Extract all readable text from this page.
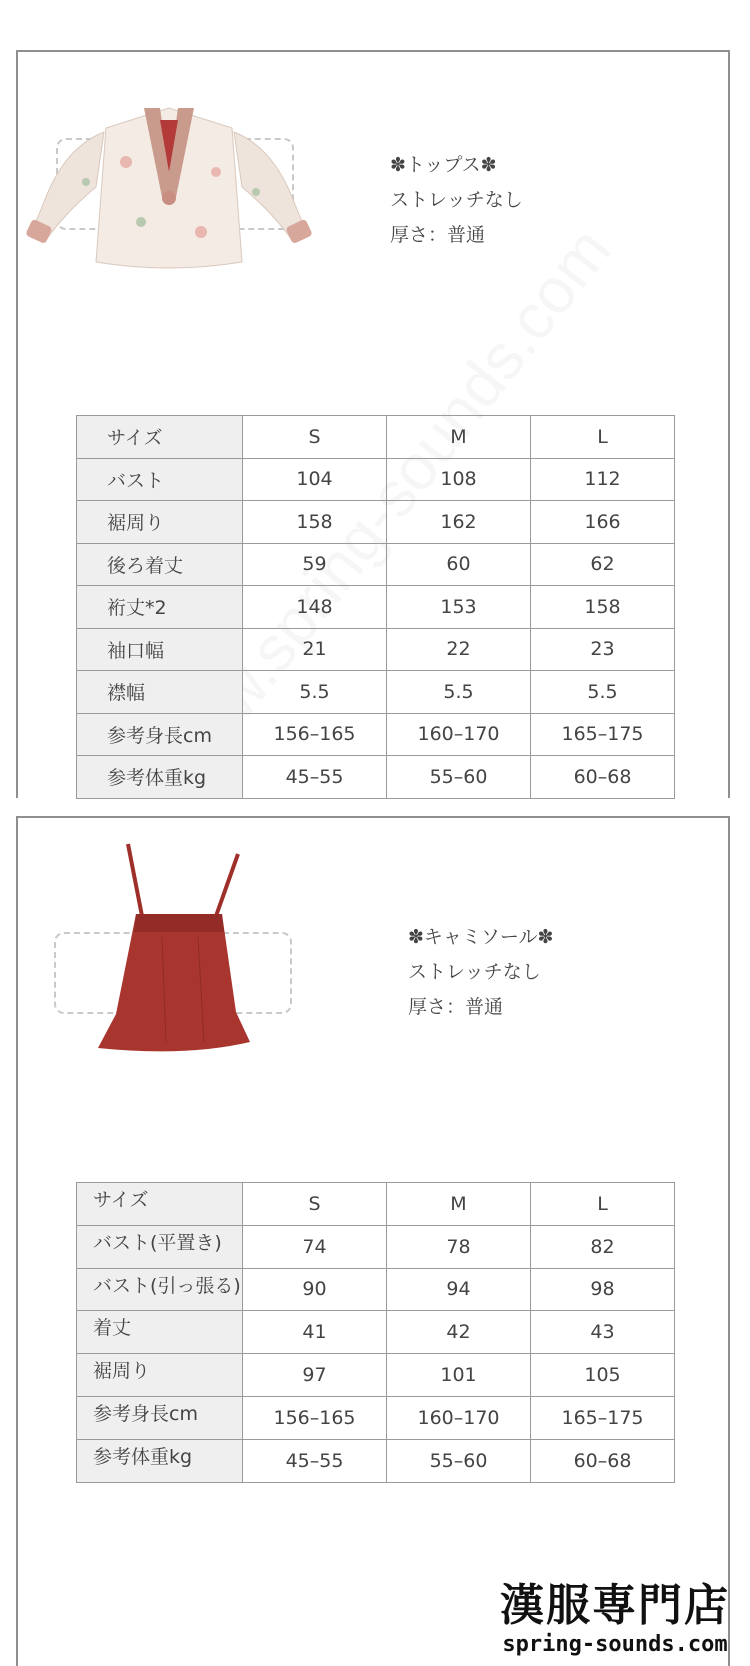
✽トップス✽
ストレッチなし
厚さ：普通
サイズ	S	M	L
バスト	104	108	112
裾周り	158	162	166
後ろ着丈	59	60	62
裄丈*2	148	153	158
袖口幅	21	22	23
襟幅	5.5	5.5	5.5
参考身長cm	156–165	160–170	165–175
参考体重kg	45–55	55–60	60–68
✽キャミソール✽
ストレッチなし
厚さ：普通
サイズ	S	M	L
バスト(平置き)	74	78	82
バスト(引っ張る)	90	94	98
着丈	41	42	43
裾周り	97	101	105
参考身長cm	156–165	160–170	165–175
参考体重kg	45–55	55–60	60–68
漢服専門店
spring-sounds.com
